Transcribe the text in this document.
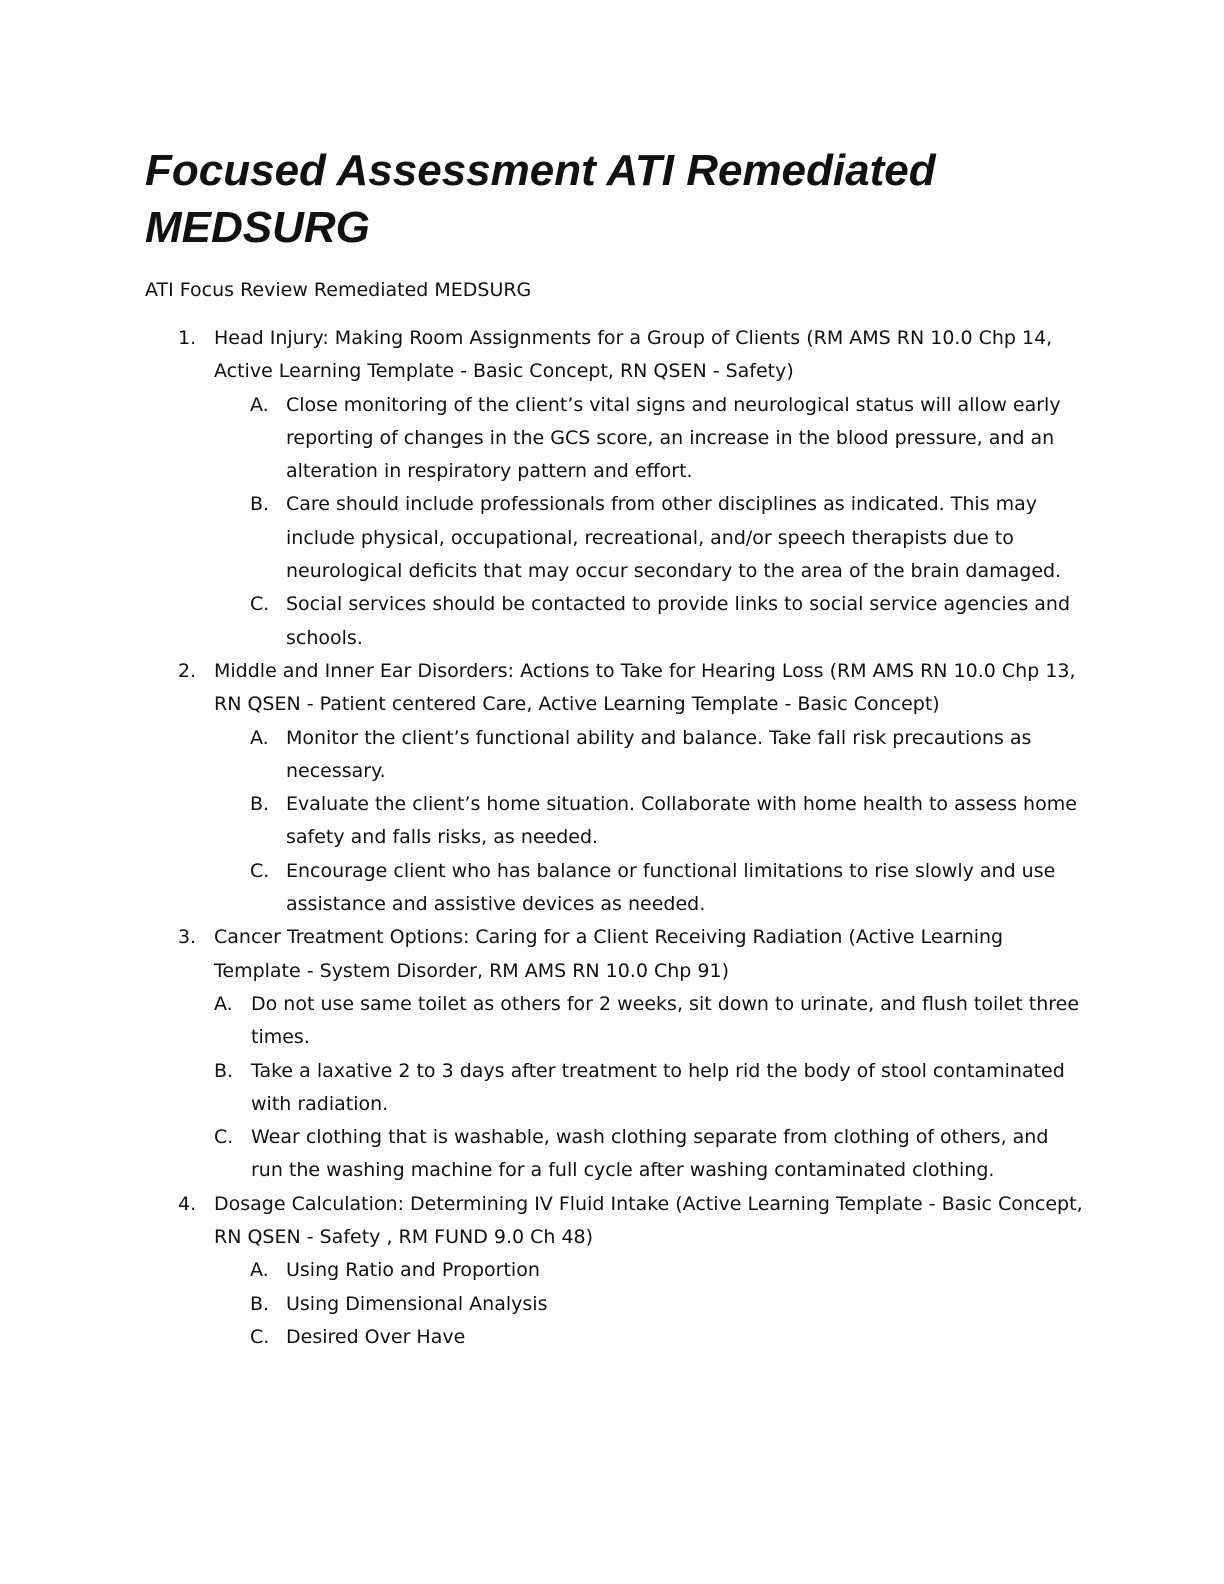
Focused Assessment ATI Remediated MEDSURG
ATI Focus Review Remediated MEDSURG
1. Head Injury: Making Room Assignments for a Group of Clients (RM AMS RN 10.0 Chp 14, Active Learning Template - Basic Concept, RN QSEN - Safety)
A. Close monitoring of the client’s vital signs and neurological status will allow early reporting of changes in the GCS score, an increase in the blood pressure, and an alteration in respiratory pattern and effort.
B. Care should include professionals from other disciplines as indicated. This may include physical, occupational, recreational, and/or speech therapists due to neurological deficits that may occur secondary to the area of the brain damaged.
C. Social services should be contacted to provide links to social service agencies and schools.
2. Middle and Inner Ear Disorders: Actions to Take for Hearing Loss (RM AMS RN 10.0 Chp 13, RN QSEN - Patient centered Care, Active Learning Template - Basic Concept)
A. Monitor the client’s functional ability and balance. Take fall risk precautions as necessary.
B. Evaluate the client’s home situation. Collaborate with home health to assess home safety and falls risks, as needed.
C. Encourage client who has balance or functional limitations to rise slowly and use assistance and assistive devices as needed.
3. Cancer Treatment Options: Caring for a Client Receiving Radiation (Active Learning Template - System Disorder, RM AMS RN 10.0 Chp 91)
A. Do not use same toilet as others for 2 weeks, sit down to urinate, and flush toilet three times.
B. Take a laxative 2 to 3 days after treatment to help rid the body of stool contaminated with radiation.
C. Wear clothing that is washable, wash clothing separate from clothing of others, and run the washing machine for a full cycle after washing contaminated clothing.
4. Dosage Calculation: Determining IV Fluid Intake (Active Learning Template - Basic Concept, RN QSEN - Safety , RM FUND 9.0 Ch 48)
A. Using Ratio and Proportion
B. Using Dimensional Analysis
C. Desired Over Have
